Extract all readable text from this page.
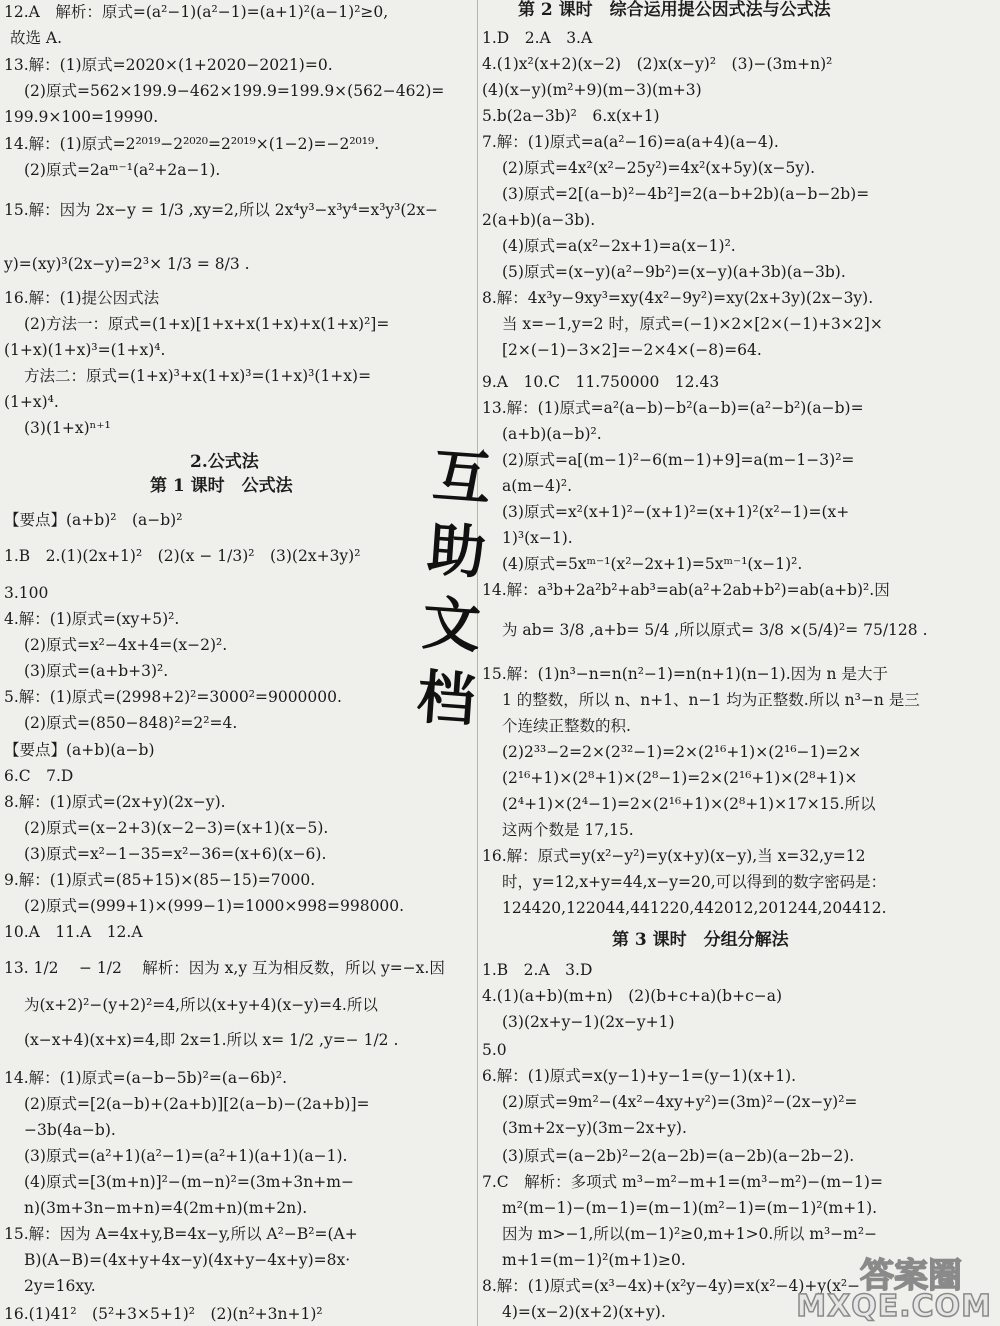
12.A　解析：原式=(a²−1)(a²−1)=(a+1)²(a−1)²≥0,
故选 A.
13.解：(1)原式=2020×(1+2020−2021)=0.
(2)原式=562×199.9−462×199.9=199.9×(562−462)=
199.9×100=19990.
14.解：(1)原式=2²⁰¹⁹−2²⁰²⁰=2²⁰¹⁹×(1−2)=−2²⁰¹⁹.
(2)原式=2aᵐ⁻¹(a²+2a−1).
15.解：因为 2x−y = 1/3 ,xy=2,所以 2x⁴y³−x³y⁴=x³y³(2x−
y)=(xy)³(2x−y)=2³× 1/3 = 8/3 .
16.解：(1)提公因式法
(2)方法一：原式=(1+x)[1+x+x(1+x)+x(1+x)²]=
(1+x)(1+x)³=(1+x)⁴.
方法二：原式=(1+x)³+x(1+x)³=(1+x)³(1+x)=
(1+x)⁴.
(3)(1+x)ⁿ⁺¹
2.公式法
第 1 课时　公式法
【要点】(a+b)²　(a−b)²
1.B　2.(1)(2x+1)²　(2)(x − 1/3)²　(3)(2x+3y)²
3.100
4.解：(1)原式=(xy+5)².
(2)原式=x²−4x+4=(x−2)².
(3)原式=(a+b+3)².
5.解：(1)原式=(2998+2)²=3000²=9000000.
(2)原式=(850−848)²=2²=4.
【要点】(a+b)(a−b)
6.C　7.D
8.解：(1)原式=(2x+y)(2x−y).
(2)原式=(x−2+3)(x−2−3)=(x+1)(x−5).
(3)原式=x²−1−35=x²−36=(x+6)(x−6).
9.解：(1)原式=(85+15)×(85−15)=7000.
(2)原式=(999+1)×(999−1)=1000×998=998000.
10.A　11.A　12.A
13. 1/2 　− 1/2 　解析：因为 x,y 互为相反数，所以 y=−x.因
为(x+2)²−(y+2)²=4,所以(x+y+4)(x−y)=4.所以
(x−x+4)(x+x)=4,即 2x=1.所以 x= 1/2 ,y=− 1/2 .
14.解：(1)原式=(a−b−5b)²=(a−6b)².
(2)原式=[2(a−b)+(2a+b)][2(a−b)−(2a+b)]=
−3b(4a−b).
(3)原式=(a²+1)(a²−1)=(a²+1)(a+1)(a−1).
(4)原式=[3(m+n)]²−(m−n)²=(3m+3n+m−
n)(3m+3n−m+n)=4(2m+n)(m+2n).
15.解：因为 A=4x+y,B=4x−y,所以 A²−B²=(A+
B)(A−B)=(4x+y+4x−y)(4x+y−4x+y)=8x·
2y=16xy.
16.(1)41²　(5²+3×5+1)²　(2)(n²+3n+1)²
第 2 课时　综合运用提公因式法与公式法
1.D　2.A　3.A
4.(1)x²(x+2)(x−2)　(2)x(x−y)²　(3)−(3m+n)²
(4)(x−y)(m²+9)(m−3)(m+3)
5.b(2a−3b)²　6.x(x+1)
7.解：(1)原式=a(a²−16)=a(a+4)(a−4).
(2)原式=4x²(x²−25y²)=4x²(x+5y)(x−5y).
(3)原式=2[(a−b)²−4b²]=2(a−b+2b)(a−b−2b)=
2(a+b)(a−3b).
(4)原式=a(x²−2x+1)=a(x−1)².
(5)原式=(x−y)(a²−9b²)=(x−y)(a+3b)(a−3b).
8.解：4x³y−9xy³=xy(4x²−9y²)=xy(2x+3y)(2x−3y).
当 x=−1,y=2 时，原式=(−1)×2×[2×(−1)+3×2]×
[2×(−1)−3×2]=−2×4×(−8)=64.
9.A　10.C　11.750000　12.43
13.解：(1)原式=a²(a−b)−b²(a−b)=(a²−b²)(a−b)=
(a+b)(a−b)².
(2)原式=a[(m−1)²−6(m−1)+9]=a(m−1−3)²=
a(m−4)².
(3)原式=x²(x+1)²−(x+1)²=(x+1)²(x²−1)=(x+
1)³(x−1).
(4)原式=5xᵐ⁻¹(x²−2x+1)=5xᵐ⁻¹(x−1)².
14.解：a³b+2a²b²+ab³=ab(a²+2ab+b²)=ab(a+b)².因
为 ab= 3/8 ,a+b= 5/4 ,所以原式= 3/8 ×(5/4)²= 75/128 .
15.解：(1)n³−n=n(n²−1)=n(n+1)(n−1).因为 n 是大于
1 的整数，所以 n、n+1、n−1 均为正整数.所以 n³−n 是三
个连续正整数的积.
(2)2³³−2=2×(2³²−1)=2×(2¹⁶+1)×(2¹⁶−1)=2×
(2¹⁶+1)×(2⁸+1)×(2⁸−1)=2×(2¹⁶+1)×(2⁸+1)×
(2⁴+1)×(2⁴−1)=2×(2¹⁶+1)×(2⁸+1)×17×15.所以
这两个数是 17,15.
16.解：原式=y(x²−y²)=y(x+y)(x−y),当 x=32,y=12
时，y=12,x+y=44,x−y=20,可以得到的数字密码是：
124420,122044,441220,442012,201244,204412.
第 3 课时　分组分解法
1.B　2.A　3.D
4.(1)(a+b)(m+n)　(2)(b+c+a)(b+c−a)
(3)(2x+y−1)(2x−y+1)
5.0
6.解：(1)原式=x(y−1)+y−1=(y−1)(x+1).
(2)原式=9m²−(4x²−4xy+y²)=(3m)²−(2x−y)²=
(3m+2x−y)(3m−2x+y).
(3)原式=(a−2b)²−2(a−2b)=(a−2b)(a−2b−2).
7.C　解析：多项式 m³−m²−m+1=(m³−m²)−(m−1)=
m²(m−1)−(m−1)=(m−1)(m²−1)=(m−1)²(m+1).
因为 m>−1,所以(m−1)²≥0,m+1>0.所以 m³−m²−
m+1=(m−1)²(m+1)≥0.
8.解：(1)原式=(x³−4x)+(x²y−4y)=x(x²−4)+y(x²−
4)=(x−2)(x+2)(x+y).
互
助
文
档
答案圈
MXQE.COM
